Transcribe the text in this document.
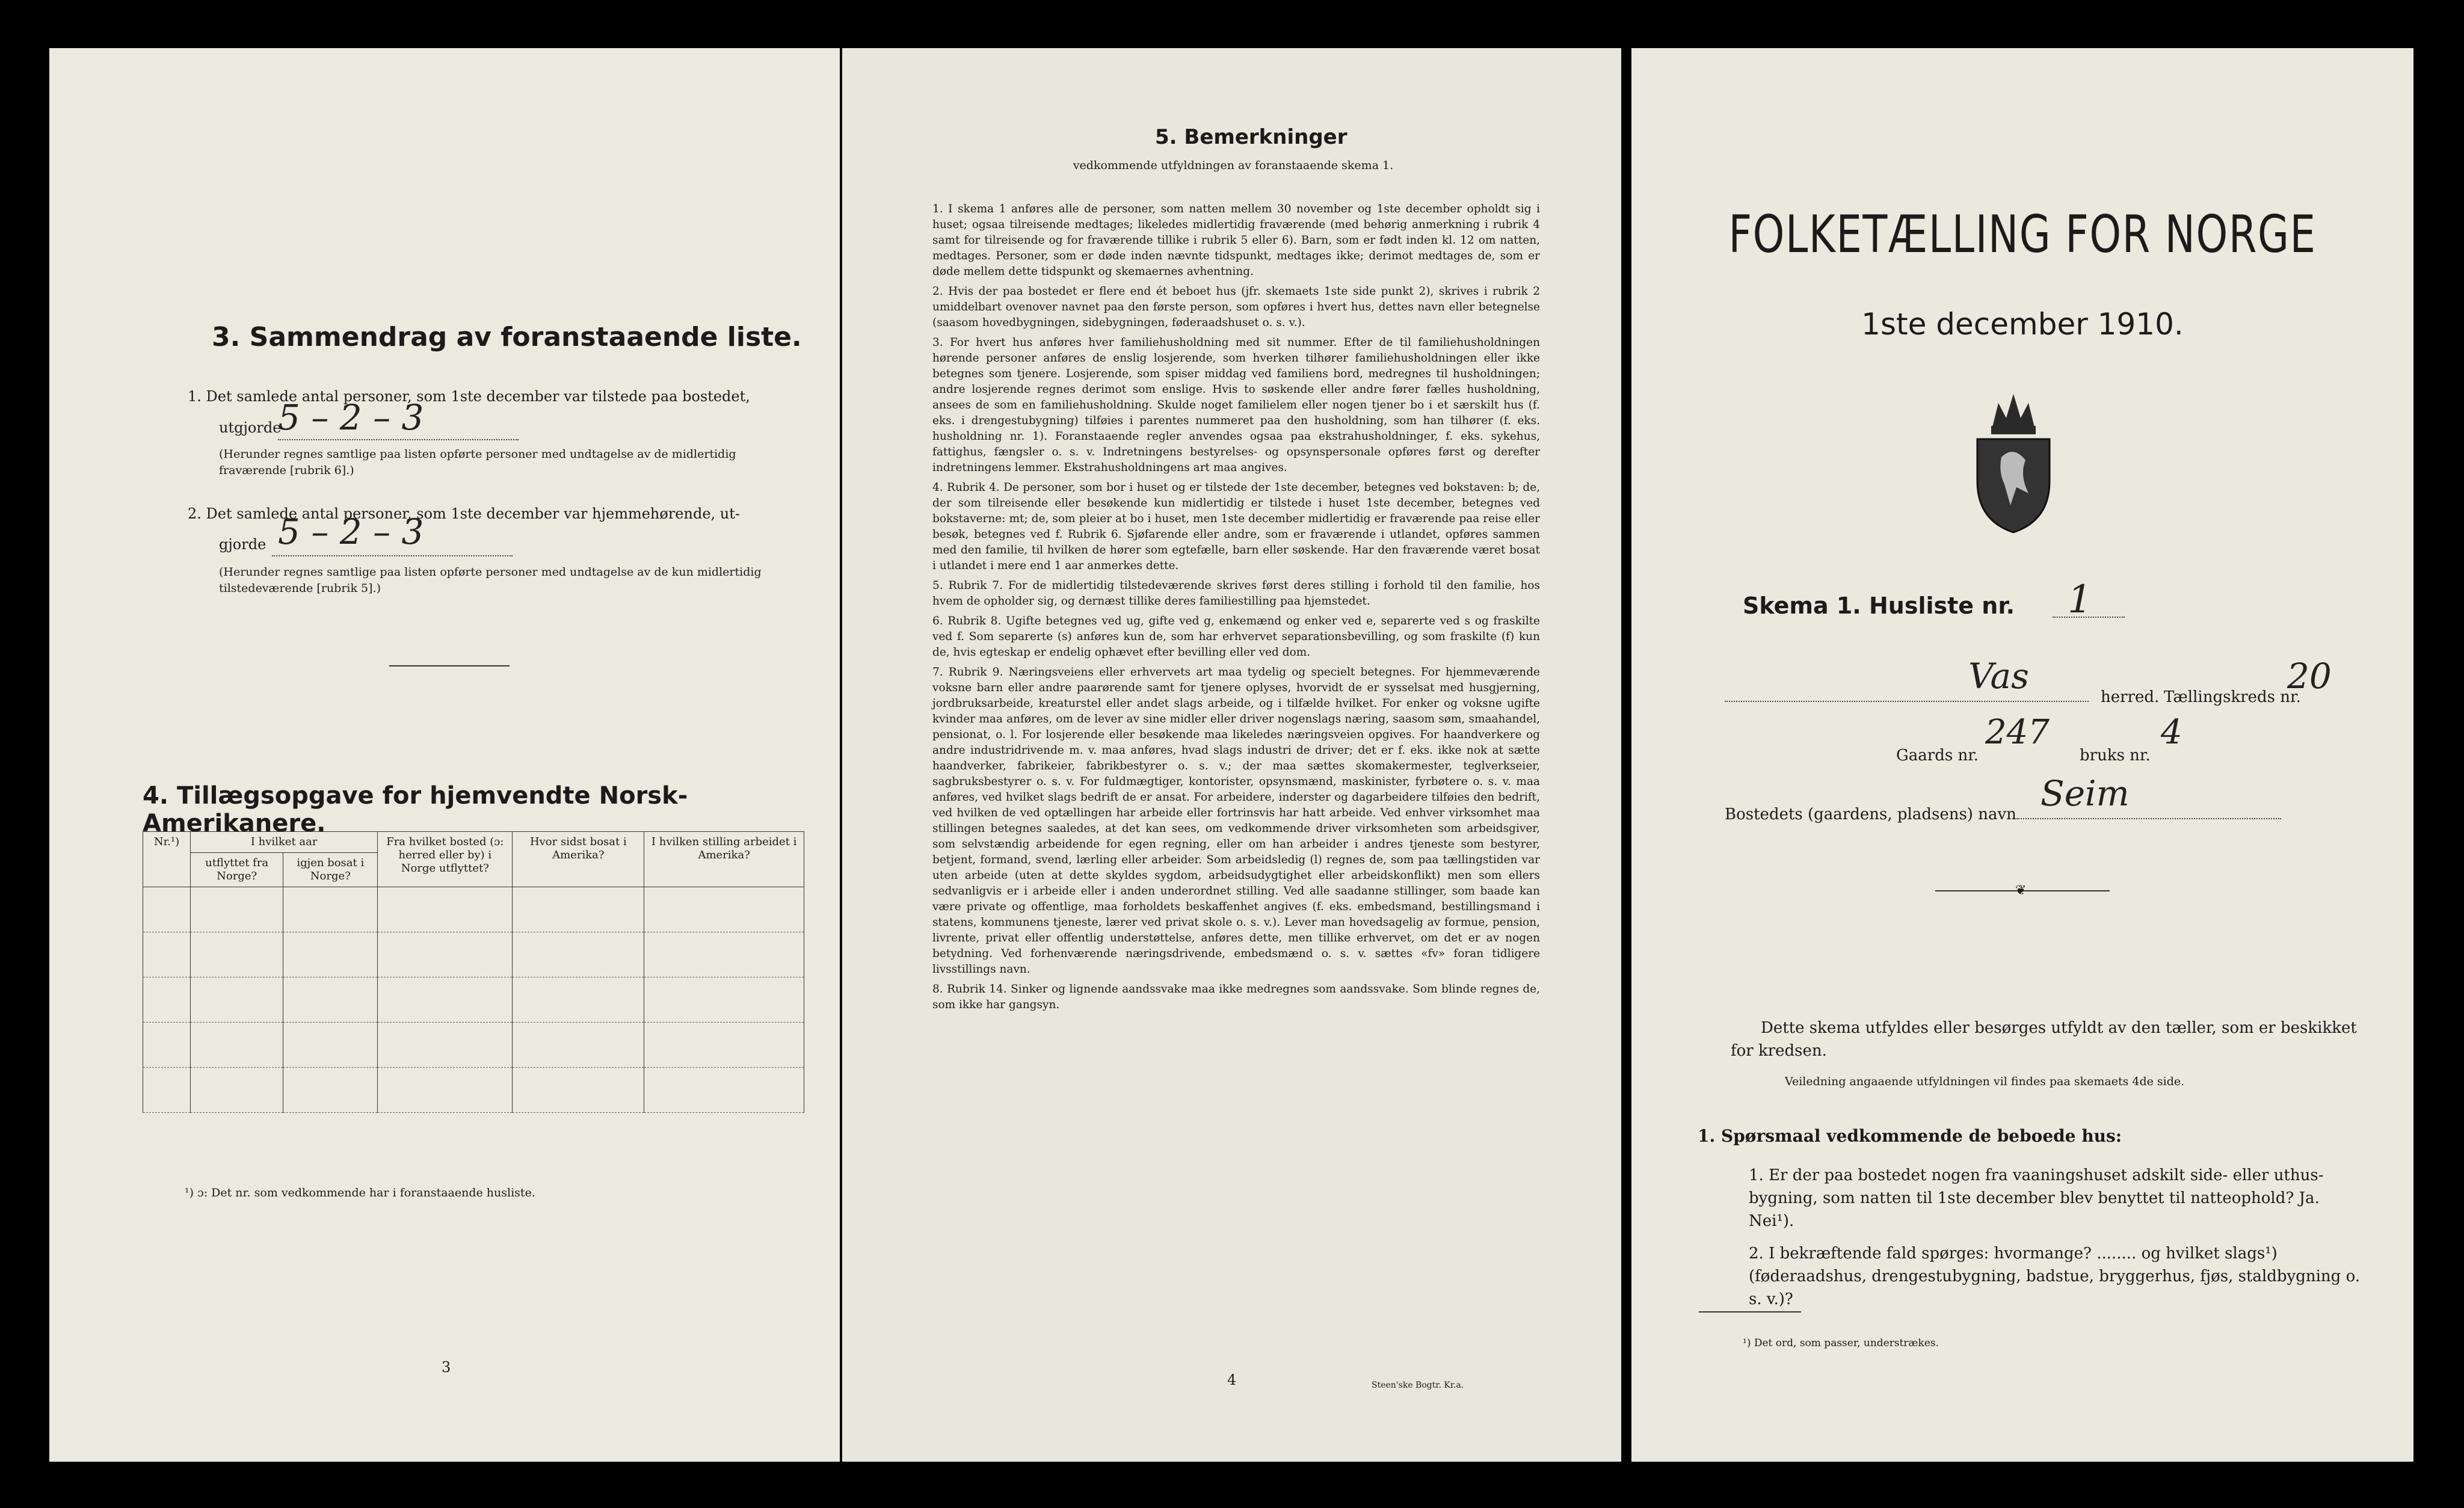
3. Sammendrag av foranstaaende liste.
1. Det samlede antal personer, som 1ste december var tilstede paa bostedet,
utgjorde
5 – 2 – 3
(Herunder regnes samtlige paa listen opførte personer med undtagelse av de midlertidig fraværende [rubrik 6].)
2. Det samlede antal personer, som 1ste december var hjemmehørende, ut-
gjorde 5 – 2 – 3
(Herunder regnes samtlige paa listen opførte personer med undtagelse av de kun midlertidig tilstedeværende [rubrik 5].)
4. Tillægsopgave for hjemvendte Norsk-Amerikanere.
Nr.¹)	I hvilket aar		Fra hvilket bosted (ɔ: herred eller by) i Norge utflyttet?	Hvor sidst bosat i Amerika?	I hvilken stilling arbeidet i Amerika?
	utflyttet fra Norge?	igjen bosat i Norge?			

¹) ɔ: Det nr. som vedkommende har i foranstaaende husliste.
3
5. Bemerkninger
vedkommende utfyldningen av foranstaaende skema 1.

1. I skema 1 anføres alle de personer, som natten mellem 30 november og 1ste december opholdt sig i huset; ogsaa tilreisende medtages; likeledes midlertidig fraværende (med behørig anmerkning i rubrik 4 samt for tilreisende og for fraværende tillike i rubrik 5 eller 6). Barn, som er født inden kl. 12 om natten, medtages. Personer, som er døde inden nævnte tidspunkt, medtages ikke; derimot medtages de, som er døde mellem dette tidspunkt og skemaernes avhentning.

2. Hvis der paa bostedet er flere end ét beboet hus (jfr. skemaets 1ste side punkt 2), skrives i rubrik 2 umiddelbart ovenover navnet paa den første person, som opføres i hvert hus, dettes navn eller betegnelse (saasom hovedbygningen, sidebygningen, føderaadshuset o. s. v.).

3. For hvert hus anføres hver familiehusholdning med sit nummer. Efter de til familiehusholdningen hørende personer anføres de enslig losjerende, som hverken tilhører familiehusholdningen eller ikke betegnes som tjenere. Losjerende, som spiser middag ved familiens bord, medregnes til husholdningen; andre losjerende regnes derimot som enslige. Hvis to søskende eller andre fører fælles husholdning, ansees de som en familiehusholdning. Skulde noget familielem eller nogen tjener bo i et særskilt hus (f. eks. i drengestubygning) tilføies i parentes nummeret paa den husholdning, som han tilhører (f. eks. husholdning nr. 1). Foranstaaende regler anvendes ogsaa paa ekstrahusholdninger, f. eks. sykehus, fattighus, fængsler o. s. v. Indretningens bestyrelses- og opsynspersonale opføres først og derefter indretningens lemmer. Ekstrahusholdningens art maa angives.

4. Rubrik 4. De personer, som bor i huset og er tilstede der 1ste december, betegnes ved bokstaven: b; de, der som tilreisende eller besøkende kun midlertidig er tilstede i huset 1ste december, betegnes ved bokstaverne: mt; de, som pleier at bo i huset, men 1ste december midlertidig er fraværende paa reise eller besøk, betegnes ved f. Rubrik 6. Sjøfarende eller andre, som er fraværende i utlandet, opføres sammen med den familie, til hvilken de hører som egtefælle, barn eller søskende. Har den fraværende været bosat i utlandet i mere end 1 aar anmerkes dette.

5. Rubrik 7. For de midlertidig tilstedeværende skrives først deres stilling i forhold til den familie, hos hvem de opholder sig, og dernæst tillike deres familiestilling paa hjemstedet.

6. Rubrik 8. Ugifte betegnes ved ug, gifte ved g, enkemænd og enker ved e, separerte ved s og fraskilte ved f. Som separerte (s) anføres kun de, som har erhvervet separationsbevilling, og som fraskilte (f) kun de, hvis egteskap er endelig ophævet efter bevilling eller ved dom.

7. Rubrik 9. Næringsveiens eller erhvervets art maa tydelig og specielt betegnes. For hjemmeværende voksne barn eller andre paarørende samt for tjenere oplyses, hvorvidt de er sysselsat med husgjerning, jordbruksarbeide, kreaturstel eller andet slags arbeide, og i tilfælde hvilket. For enker og voksne ugifte kvinder maa anføres, om de lever av sine midler eller driver nogenslags næring, saasom søm, smaahandel, pensionat, o. l. For losjerende eller besøkende maa likeledes næringsveien opgives. For haandverkere og andre industridrivende m. v. maa anføres, hvad slags industri de driver; det er f. eks. ikke nok at sætte haandverker, fabrikeier, fabrikbestyrer o. s. v.; der maa sættes skomakermester, teglverkseier, sagbruksbestyrer o. s. v. For fuldmægtiger, kontorister, opsynsmænd, maskinister, fyrbøtere o. s. v. maa anføres, ved hvilket slags bedrift de er ansat. For arbeidere, inderster og dagarbeidere tilføies den bedrift, ved hvilken de ved optællingen har arbeide eller fortrinsvis har hatt arbeide. Ved enhver virksomhet maa stillingen betegnes saaledes, at det kan sees, om vedkommende driver virksomheten som arbeidsgiver, som selvstændig arbeidende for egen regning, eller om han arbeider i andres tjeneste som bestyrer, betjent, formand, svend, lærling eller arbeider. Som arbeidsledig (l) regnes de, som paa tællingstiden var uten arbeide (uten at dette skyldes sygdom, arbeidsudygtighet eller arbeidskonflikt) men som ellers sedvanligvis er i arbeide eller i anden underordnet stilling. Ved alle saadanne stillinger, som baade kan være private og offentlige, maa forholdets beskaffenhet angives (f. eks. embedsmand, bestillingsmand i statens, kommunens tjeneste, lærer ved privat skole o. s. v.). Lever man hovedsagelig av formue, pension, livrente, privat eller offentlig understøttelse, anføres dette, men tillike erhvervet, om det er av nogen betydning. Ved forhenværende næringsdrivende, embedsmænd o. s. v. sættes «fv» foran tidligere livsstillings navn.

8. Rubrik 14. Sinker og lignende aandssvake maa ikke medregnes som aandssvake. Som blinde regnes de, som ikke har gangsyn.

4	Steen'ske Bogtr. Kr.a.
FOLKETÆLLING FOR NORGE
1ste december 1910.
Skema 1. Husliste nr. 1
Vas
herred. Tællingskreds nr.
20
Gaards nr.
247
bruks nr.
4
Bostedets (gaardens, pladsens) navn
Seim
❦
Dette skema utfyldes eller besørges utfyldt av den tæller, som er beskikket for kredsen.
Veiledning angaaende utfyldningen vil findes paa skemaets 4de side.
1. Spørsmaal vedkommende de beboede hus:
1. Er der paa bostedet nogen fra vaaningshuset adskilt side- eller uthus-bygning, som natten til 1ste december blev benyttet til natteophold? Ja. Nei¹).
2. I bekræftende fald spørges: hvormange? ........ og hvilket slags¹) (føderaadshus, drengestubygning, badstue, bryggerhus, fjøs, staldbygning o. s. v.)?
¹) Det ord, som passer, understrækes.
